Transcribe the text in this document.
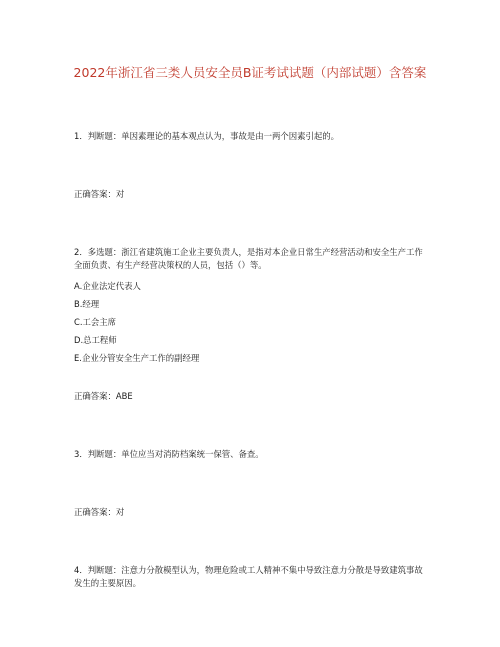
2022年浙江省三类人员安全员B证考试试题（内部试题）含答案
1．判断题：单因素理论的基本观点认为，事故是由一两个因素引起的。
正确答案：对
2．多选题：浙江省建筑施工企业主要负责人，是指对本企业日常生产经营活动和安全生产工作全面负责、有生产经营决策权的人员，包括（）等。
A.企业法定代表人
B.经理
C.工会主席
D.总工程师
E.企业分管安全生产工作的副经理
正确答案：ABE
3．判断题：单位应当对消防档案统一保管、备查。
正确答案：对
4．判断题：注意力分散模型认为，物理危险或工人精神不集中导致注意力分散是导致建筑事故发生的主要原因。
